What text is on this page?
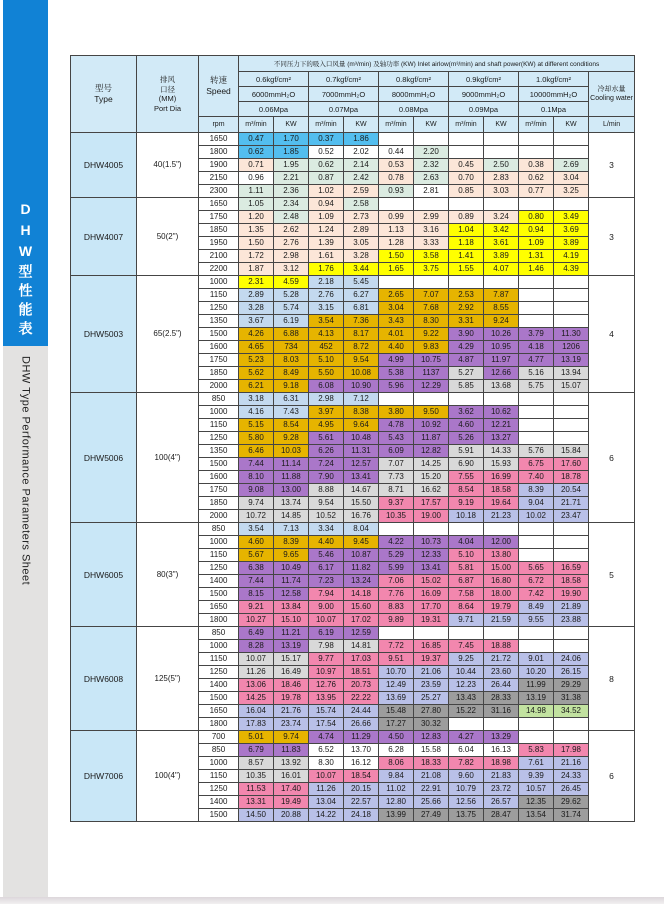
DHW型性能表
DHW Type Performance Parameters Sheet
型号
Type	排风
口径
(MM)
Port Dia	转速
Speed	不同压力下的吸入口风量 (m³/min) 及轴功率 (KW) Inlet airlow(m³/min) and shaft power(KW) at different conditions										
			0.6kgf/cm²		0.7kgf/cm²		0.8kgf/cm²		0.9kgf/cm²		1.0kgf/cm²		冷却水量
Cooling water

			6000mmH₂O		7000mmH₂O		8000mmH₂O		9000mmH₂O		10000mmH₂O		
			0.06Mpa		0.07Mpa		0.08Mpa		0.09Mpa		0.1Mpa		
		rpm	m³/min	KW	m³/min	KW	m³/min	KW	m³/min	KW	m³/min	KW	L/min
DHW4005	40(1.5")	1650	0.47	1.70	0.37	1.86							3
		1800	0.62	1.85	0.52	2.02	0.44	2.20					
		1900	0.71	1.95	0.62	2.14	0.53	2.32	0.45	2.50	0.38	2.69	
		2150	0.96	2.21	0.87	2.42	0.78	2.63	0.70	2.83	0.62	3.04	
		2300	1.11	2.36	1.02	2.59	0.93	2.81	0.85	3.03	0.77	3.25	
DHW4007	50(2")	1650	1.05	2.34	0.94	2.58							3
		1750	1.20	2.48	1.09	2.73	0.99	2.99	0.89	3.24	0.80	3.49	
		1850	1.35	2.62	1.24	2.89	1.13	3.16	1.04	3.42	0.94	3.69	
		1950	1.50	2.76	1.39	3.05	1.28	3.33	1.18	3.61	1.09	3.89	
		2100	1.72	2.98	1.61	3.28	1.50	3.58	1.41	3.89	1.31	4.19	
		2200	1.87	3.12	1.76	3.44	1.65	3.75	1.55	4.07	1.46	4.39	
DHW5003	65(2.5")	1000	2.31	4.59	2.18	5.45							4
		1150	2.89	5.28	2.76	6.27	2.65	7.07	2.53	7.87			
		1250	3.28	5.74	3.15	6.81	3.04	7.68	2.92	8.55			
		1350	3.67	6.19	3.54	7.36	3.43	8.30	3.31	9.24			
		1500	4.26	6.88	4.13	8.17	4.01	9.22	3.90	10.26	3.79	11.30	
		1600	4.65	734	452	8.72	4.40	9.83	4.29	10.95	4.18	1206	
		1750	5.23	8.03	5.10	9.54	4.99	10.75	4.87	11.97	4.77	13.19	
		1850	5.62	8.49	5.50	10.08	5.38	1137	5.27	12.66	5.16	13.94	
		2000	6.21	9.18	6.08	10.90	5.96	12.29	5.85	13.68	5.75	15.07	
DHW5006	100(4")	850	3.18	6.31	2.98	7.12							6
		1000	4.16	7.43	3.97	8.38	3.80	9.50	3.62	10.62			
		1150	5.15	8.54	4.95	9.64	4.78	10.92	4.60	12.21			
		1250	5.80	9.28	5.61	10.48	5.43	11.87	5.26	13.27			
		1350	6.46	10.03	6.26	11.31	6.09	12.82	5.91	14.33	5.76	15.84	
		1500	7.44	11.14	7.24	12.57	7.07	14.25	6.90	15.93	6.75	17.60	
		1600	8.10	11.88	7.90	13.41	7.73	15.20	7.55	16.99	7.40	18.78	
		1750	9.08	13.00	8.88	14.67	8.71	16.62	8.54	18.58	8.39	20.54	
		1850	9.74	13.74	9.54	15.50	9.37	17.57	9.19	19.64	9.04	21.71	
		2000	10.72	14.85	10.52	16.76	10.35	19.00	10.18	21.23	10.02	23.47	
DHW6005	80(3")	850	3.54	7.13	3.34	8.04							5
		1000	4.60	8.39	4.40	9.45	4.22	10.73	4.04	12.00			
		1150	5.67	9.65	5.46	10.87	5.29	12.33	5.10	13.80			
		1250	6.38	10.49	6.17	11.82	5.99	13.41	5.81	15.00	5.65	16.59	
		1400	7.44	11.74	7.23	13.24	7.06	15.02	6.87	16.80	6.72	18.58	
		1500	8.15	12.58	7.94	14.18	7.76	16.09	7.58	18.00	7.42	19.90	
		1650	9.21	13.84	9.00	15.60	8.83	17.70	8.64	19.79	8.49	21.89	
		1800	10.27	15.10	10.07	17.02	9.89	19.31	9.71	21.59	9.55	23.88	
DHW6008	125(5")	850	6.49	11.21	6.19	12.59							8
		1000	8.28	13.19	7.98	14.81	7.72	16.85	7.45	18.88			
		1150	10.07	15.17	9.77	17.03	9.51	19.37	9.25	21.72	9.01	24.06	
		1250	11.26	16.49	10.97	18.51	10.70	21.06	10.44	23.60	10.20	26.15	
		1400	13.06	18.46	12.76	20.73	12.49	23.59	12.23	26.44	11.99	29.29	
		1500	14.25	19.78	13.95	22.22	13.69	25.27	13.43	28.33	13.19	31.38	
		1650	16.04	21.76	15.74	24.44	15.48	27.80	15.22	31.16	14.98	34.52	
		1800	17.83	23.74	17.54	26.66	17.27	30.32					
DHW7006	100(4")	700	5.01	9.74	4.74	11.29	4.50	12.83	4.27	13.29			6
		850	6.79	11.83	6.52	13.70	6.28	15.58	6.04	16.13	5.83	17.98	
		1000	8.57	13.92	8.30	16.12	8.06	18.33	7.82	18.98	7.61	21.16	
		1150	10.35	16.01	10.07	18.54	9.84	21.08	9.60	21.83	9.39	24.33	
		1250	11.53	17.40	11.26	20.15	11.02	22.91	10.79	23.72	10.57	26.45	
		1400	13.31	19.49	13.04	22.57	12.80	25.66	12.56	26.57	12.35	29.62	
		1500	14.50	20.88	14.22	24.18	13.99	27.49	13.75	28.47	13.54	31.74	
